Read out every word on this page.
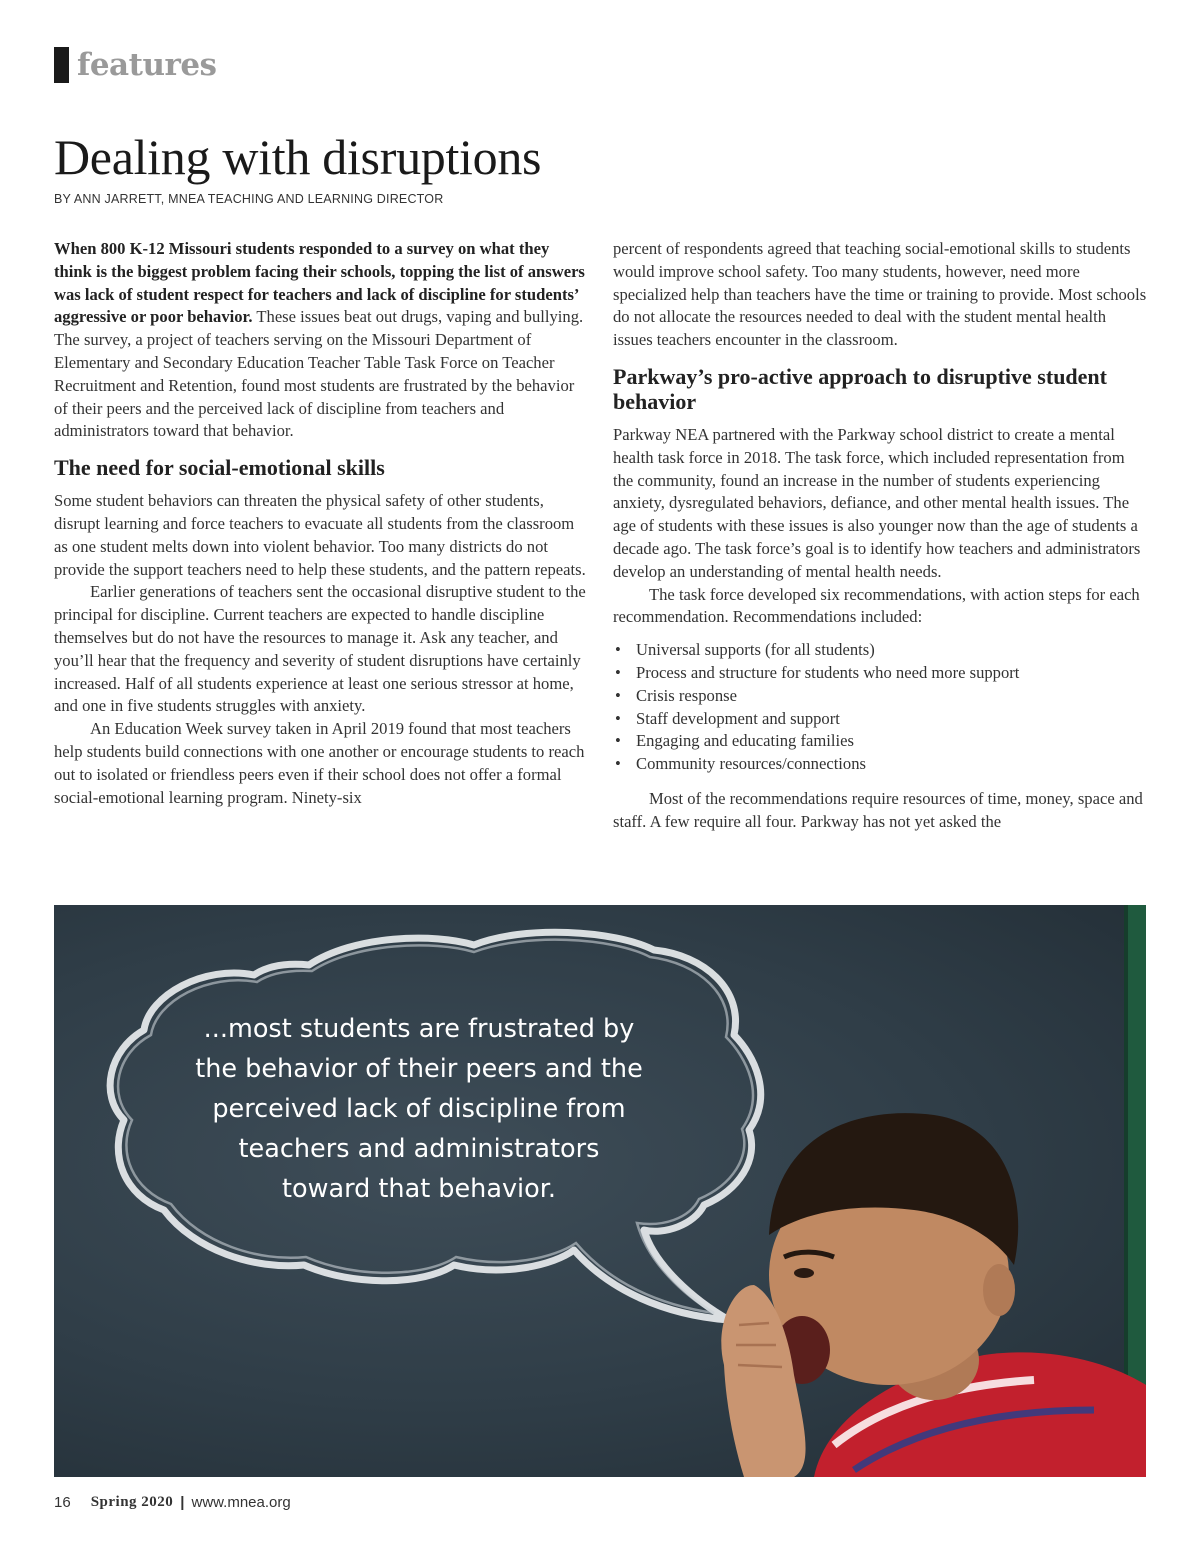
features
Dealing with disruptions
BY ANN JARRETT, MNEA TEACHING AND LEARNING DIRECTOR

When 800 K-12 Missouri students responded to a survey on what they think is the biggest problem facing their schools, topping the list of answers was lack of student respect for teachers and lack of discipline for students’ aggressive or poor behavior. These issues beat out drugs, vaping and bullying. The survey, a project of teachers serving on the Missouri Department of Elementary and Secondary Education Teacher Table Task Force on Teacher Recruitment and Retention, found most students are frustrated by the behavior of their peers and the perceived lack of discipline from teachers and administrators toward that behavior.

The need for social-emotional skills

Some student behaviors can threaten the physical safety of other students, disrupt learning and force teachers to evacuate all students from the classroom as one student melts down into violent behavior. Too many districts do not provide the support teachers need to help these students, and the pattern repeats.

Earlier generations of teachers sent the occasional disruptive student to the principal for discipline. Current teachers are expected to handle discipline themselves but do not have the resources to manage it. Ask any teacher, and you’ll hear that the frequency and severity of student disruptions have certainly increased. Half of all students experience at least one serious stressor at home, and one in five students struggles with anxiety.

An Education Week survey taken in April 2019 found that most teachers help students build connections with one another or encourage students to reach out to isolated or friendless peers even if their school does not offer a formal social-emotional learning program. Ninety-six

percent of respondents agreed that teaching social-emotional skills to students would improve school safety. Too many students, however, need more specialized help than teachers have the time or training to provide. Most schools do not allocate the resources needed to deal with the student mental health issues teachers encounter in the classroom.

Parkway’s pro-active approach to disruptive student behavior

Parkway NEA partnered with the Parkway school district to create a mental health task force in 2018. The task force, which included representation from the community, found an increase in the number of students experiencing anxiety, dysregulated behaviors, defiance, and other mental health issues. The age of students with these issues is also younger now than the age of students a decade ago. The task force’s goal is to identify how teachers and administrators develop an understanding of mental health needs.

The task force developed six recommendations, with action steps for each recommendation. Recommendations included:

• Universal supports (for all students)
• Process and structure for students who need more support
• Crisis response
• Staff development and support
• Engaging and educating families
• Community resources/connections

Most of the recommendations require resources of time, money, space and staff. A few require all four. Parkway has not yet asked the

...most students are frustrated by the behavior of their peers and the perceived lack of discipline from teachers and administrators toward that behavior.
16 Spring 2020 | www.mnea.org
